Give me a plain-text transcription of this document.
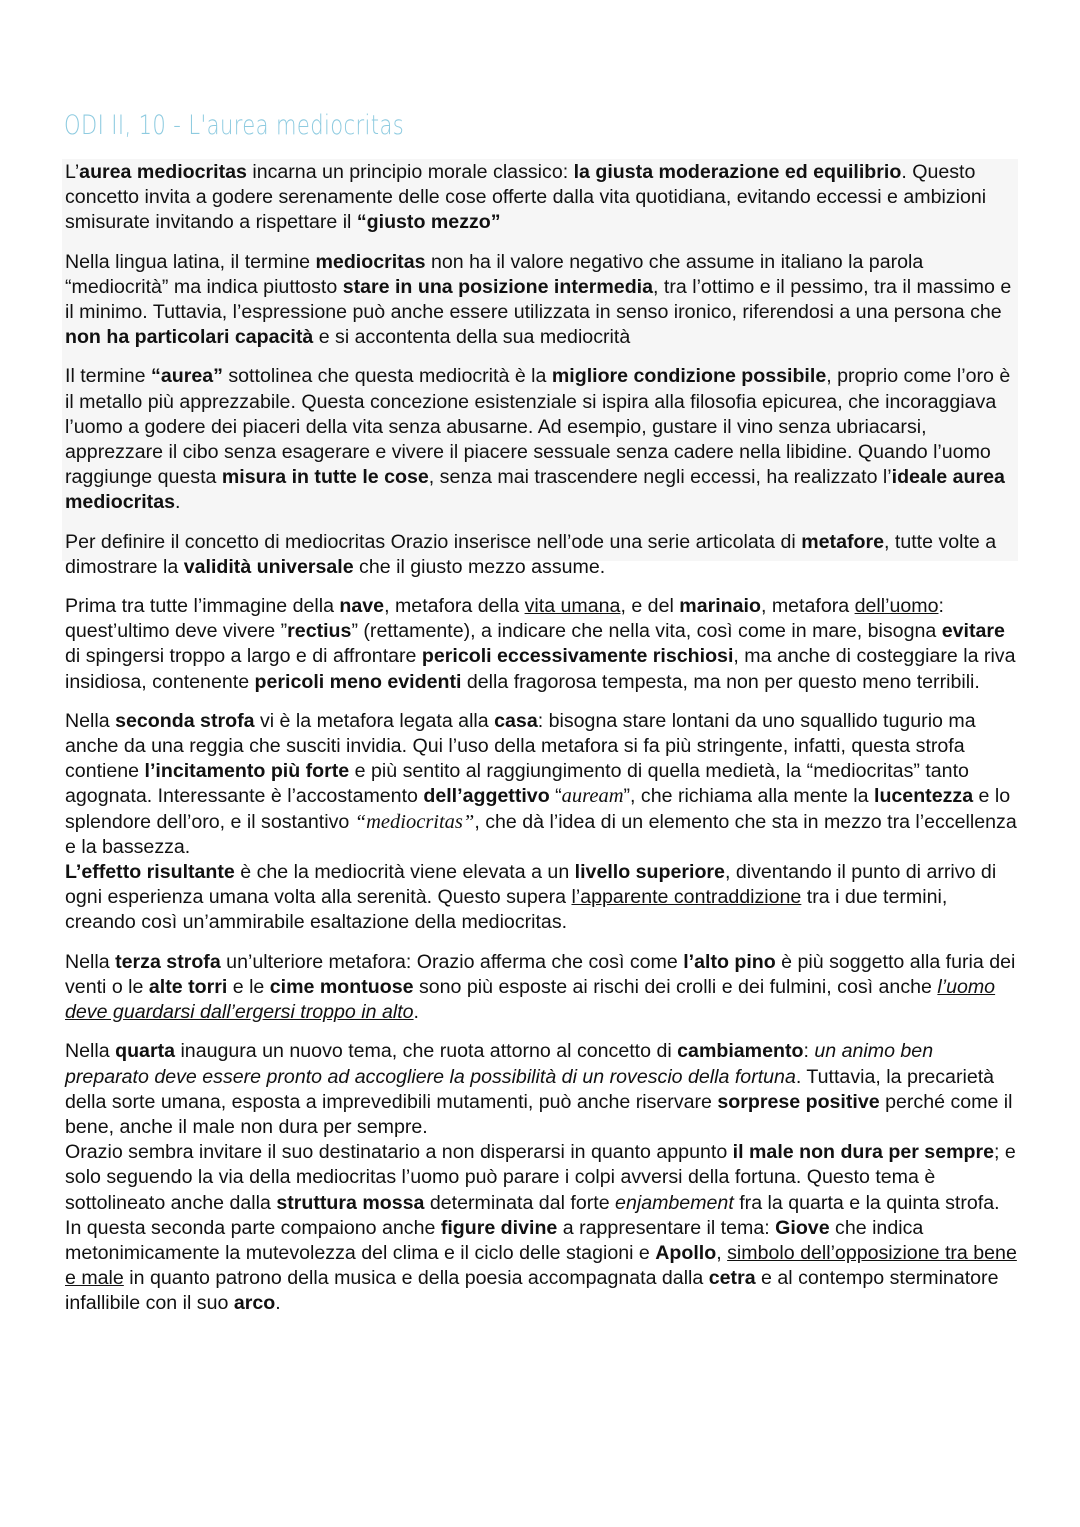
ODI II, 10 - L'aurea mediocritas

L’aurea mediocritas incarna un principio morale classico: la giusta moderazione ed equilibrio. Questo concetto invita a godere serenamente delle cose offerte dalla vita quotidiana, evitando eccessi e ambizioni smisurate invitando a rispettare il “giusto mezzo”

Nella lingua latina, il termine mediocritas non ha il valore negativo che assume in italiano la parola “mediocrità” ma indica piuttosto stare in una posizione intermedia, tra l’ottimo e il pessimo, tra il massimo e il minimo. Tuttavia, l’espressione può anche essere utilizzata in senso ironico, riferendosi a una persona che non ha particolari capacità e si accontenta della sua mediocrità

Il termine “aurea” sottolinea che questa mediocrità è la migliore condizione possibile, proprio come l’oro è il metallo più apprezzabile. Questa concezione esistenziale si ispira alla filosofia epicurea, che incoraggiava l’uomo a godere dei piaceri della vita senza abusarne. Ad esempio, gustare il vino senza ubriacarsi, apprezzare il cibo senza esagerare e vivere il piacere sessuale senza cadere nella libidine. Quando l’uomo raggiunge questa misura in tutte le cose, senza mai trascendere negli eccessi, ha realizzato l’ideale aurea mediocritas.

Per definire il concetto di mediocritas Orazio inserisce nell’ode una serie articolata di metafore, tutte volte a dimostrare la validità universale che il giusto mezzo assume.

Prima tra tutte l’immagine della nave, metafora della vita umana, e del marinaio, metafora dell’uomo: quest’ultimo deve vivere ”rectius” (rettamente), a indicare che nella vita, così come in mare, bisogna evitare di spingersi troppo a largo e di affrontare pericoli eccessivamente rischiosi, ma anche di costeggiare la riva insidiosa, contenente pericoli meno evidenti della fragorosa tempesta, ma non per questo meno terribili.

Nella seconda strofa vi è la metafora legata alla casa: bisogna stare lontani da uno squallido tugurio ma anche da una reggia che susciti invidia. Qui l’uso della metafora si fa più stringente, infatti, questa strofa contiene l’incitamento più forte e più sentito al raggiungimento di quella medietà, la “mediocritas” tanto agognata. Interessante è l’accostamento dell’aggettivo “auream”, che richiama alla mente la lucentezza e lo splendore dell’oro, e il sostantivo “mediocritas”, che dà l’idea di un elemento che sta in mezzo tra l’eccellenza e la bassezza.

L’effetto risultante è che la mediocrità viene elevata a un livello superiore, diventando il punto di arrivo di ogni esperienza umana volta alla serenità. Questo supera l’apparente contraddizione tra i due termini, creando così un’ammirabile esaltazione della mediocritas.

Nella terza strofa un’ulteriore metafora: Orazio afferma che così come l’alto pino è più soggetto alla furia dei venti o le alte torri e le cime montuose sono più esposte ai rischi dei crolli e dei fulmini, così anche l’uomo deve guardarsi dall’ergersi troppo in alto.

Nella quarta inaugura un nuovo tema, che ruota attorno al concetto di cambiamento: un animo ben preparato deve essere pronto ad accogliere la possibilità di un rovescio della fortuna. Tuttavia, la precarietà della sorte umana, esposta a imprevedibili mutamenti, può anche riservare sorprese positive perché come il bene, anche il male non dura per sempre.

Orazio sembra invitare il suo destinatario a non disperarsi in quanto appunto il male non dura per sempre; e solo seguendo la via della mediocritas l’uomo può parare i colpi avversi della fortuna. Questo tema è sottolineato anche dalla struttura mossa determinata dal forte enjambement fra la quarta e la quinta strofa. In questa seconda parte compaiono anche figure divine a rappresentare il tema: Giove che indica metonimicamente la mutevolezza del clima e il ciclo delle stagioni e Apollo, simbolo dell’opposizione tra bene e male in quanto patrono della musica e della poesia accompagnata dalla cetra e al contempo sterminatore infallibile con il suo arco.
